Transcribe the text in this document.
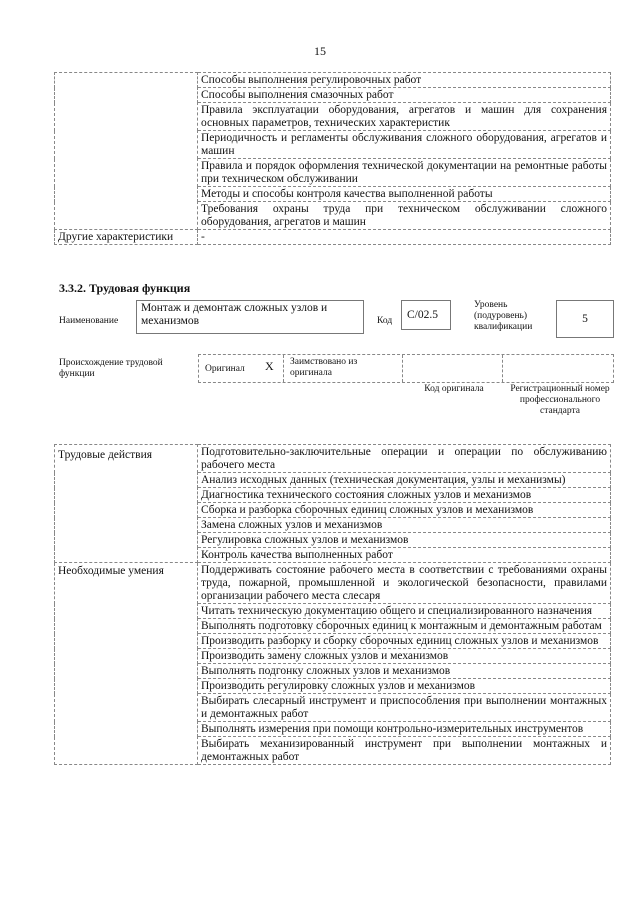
15
	Способы выполнения регулировочных работ
	Способы выполнения смазочных работ
	Правила эксплуатации оборудования, агрегатов и машин для сохранения основных параметров, технических характеристик
	Периодичность и регламенты обслуживания сложного оборудования, агрегатов и машин
	Правила и порядок оформления технической документации на ремонтные работы при техническом обслуживании
	Методы и способы контроля качества выполненной работы
	Требования охраны труда при техническом обслуживании сложного оборудования, агрегатов и машин
Другие характеристики	-
3.3.2. Трудовая функция
Наименование
Монтаж и демонтаж сложных узлов и механизмов	Код	C/02.5
Уровень (подуровень) квалификации
5
Происхождение трудовой функции	Оригинал X Заимствовано из оригинала
Код оригинала	Регистрационный номер профессионального стандарта
Трудовые действия	Подготовительно-заключительные операции и операции по обслуживанию рабочего места
	Анализ исходных данных (техническая документация, узлы и механизмы)
	Диагностика технического состояния сложных узлов и механизмов
	Сборка и разборка сборочных единиц сложных узлов и механизмов
	Замена сложных узлов и механизмов
	Регулировка сложных узлов и механизмов
	Контроль качества выполненных работ
Необходимые умения	Поддерживать состояние рабочего места в соответствии с требованиями охраны труда, пожарной, промышленной и экологической безопасности, правилами организации рабочего места слесаря
	Читать техническую документацию общего и специализированного назначения
	Выполнять подготовку сборочных единиц к монтажным и демонтажным работам
	Производить разборку и сборку сборочных единиц сложных узлов и механизмов
	Производить замену сложных узлов и механизмов
	Выполнять подгонку сложных узлов и механизмов
	Производить регулировку сложных узлов и механизмов
	Выбирать слесарный инструмент и приспособления при выполнении монтажных и демонтажных работ
	Выполнять измерения при помощи контрольно-измерительных инструментов
	Выбирать механизированный инструмент при выполнении монтажных и демонтажных работ
